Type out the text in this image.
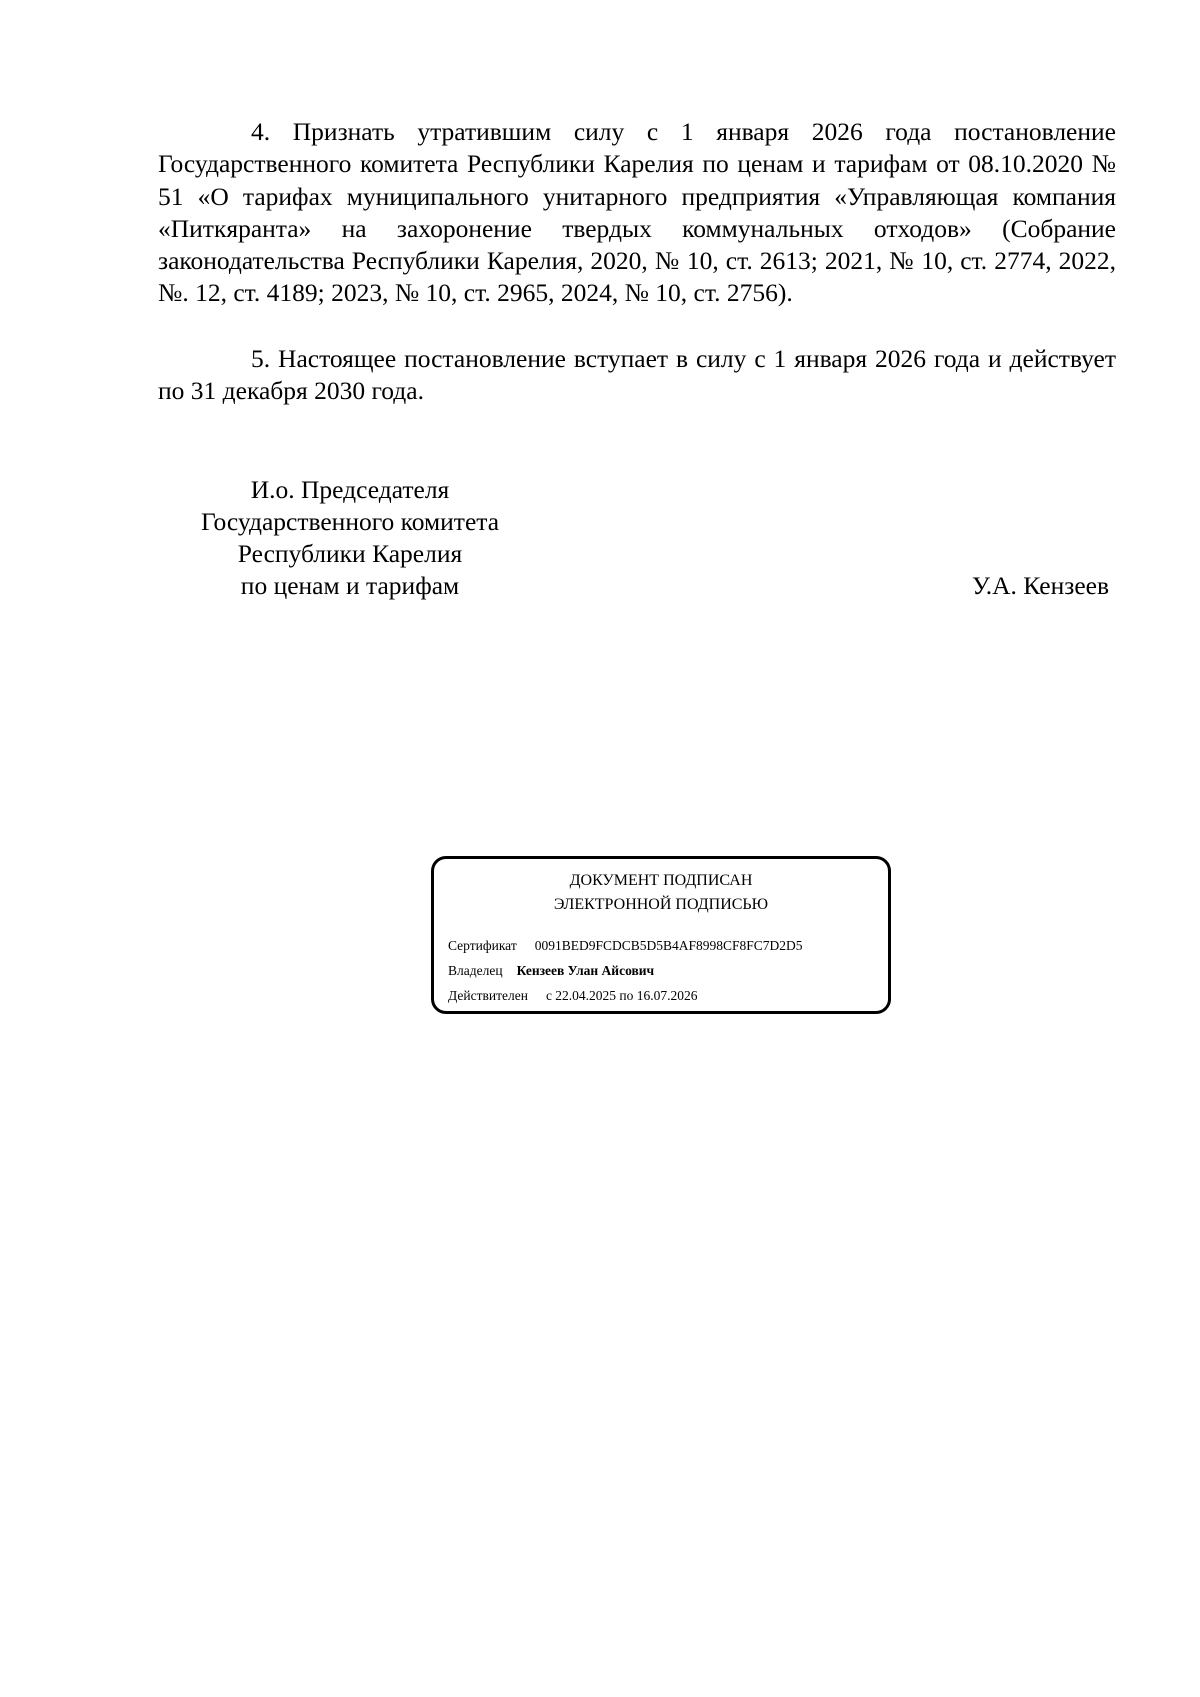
4. Признать утратившим силу с 1 января 2026 года постановление Государственного комитета Республики Карелия по ценам и тарифам от 08.10.2020 № 51 «О тарифах муниципального унитарного предприятия «Управляющая компания «Питкяранта» на захоронение твердых коммунальных отходов» (Собрание законодательства Республики Карелия, 2020, № 10, ст. 2613; 2021, № 10, ст. 2774, 2022, №. 12, ст. 4189; 2023, № 10, ст. 2965, 2024, № 10, ст. 2756).

5. Настоящее постановление вступает в силу с 1 января 2026 года и действует по 31 декабря 2030 года.

И.о. Председателя
Государственного комитета
Республики Карелия
по ценам и тарифам	У.А. Кензеев
ДОКУМЕНТ ПОДПИСАН
ЭЛЕКТРОННОЙ ПОДПИСЬЮ
Сертификат 0091BED9FCDCB5D5B4AF8998CF8FC7D2D5
Владелец Кензеев Улан Айсович
Действителен с 22.04.2025 по 16.07.2026
